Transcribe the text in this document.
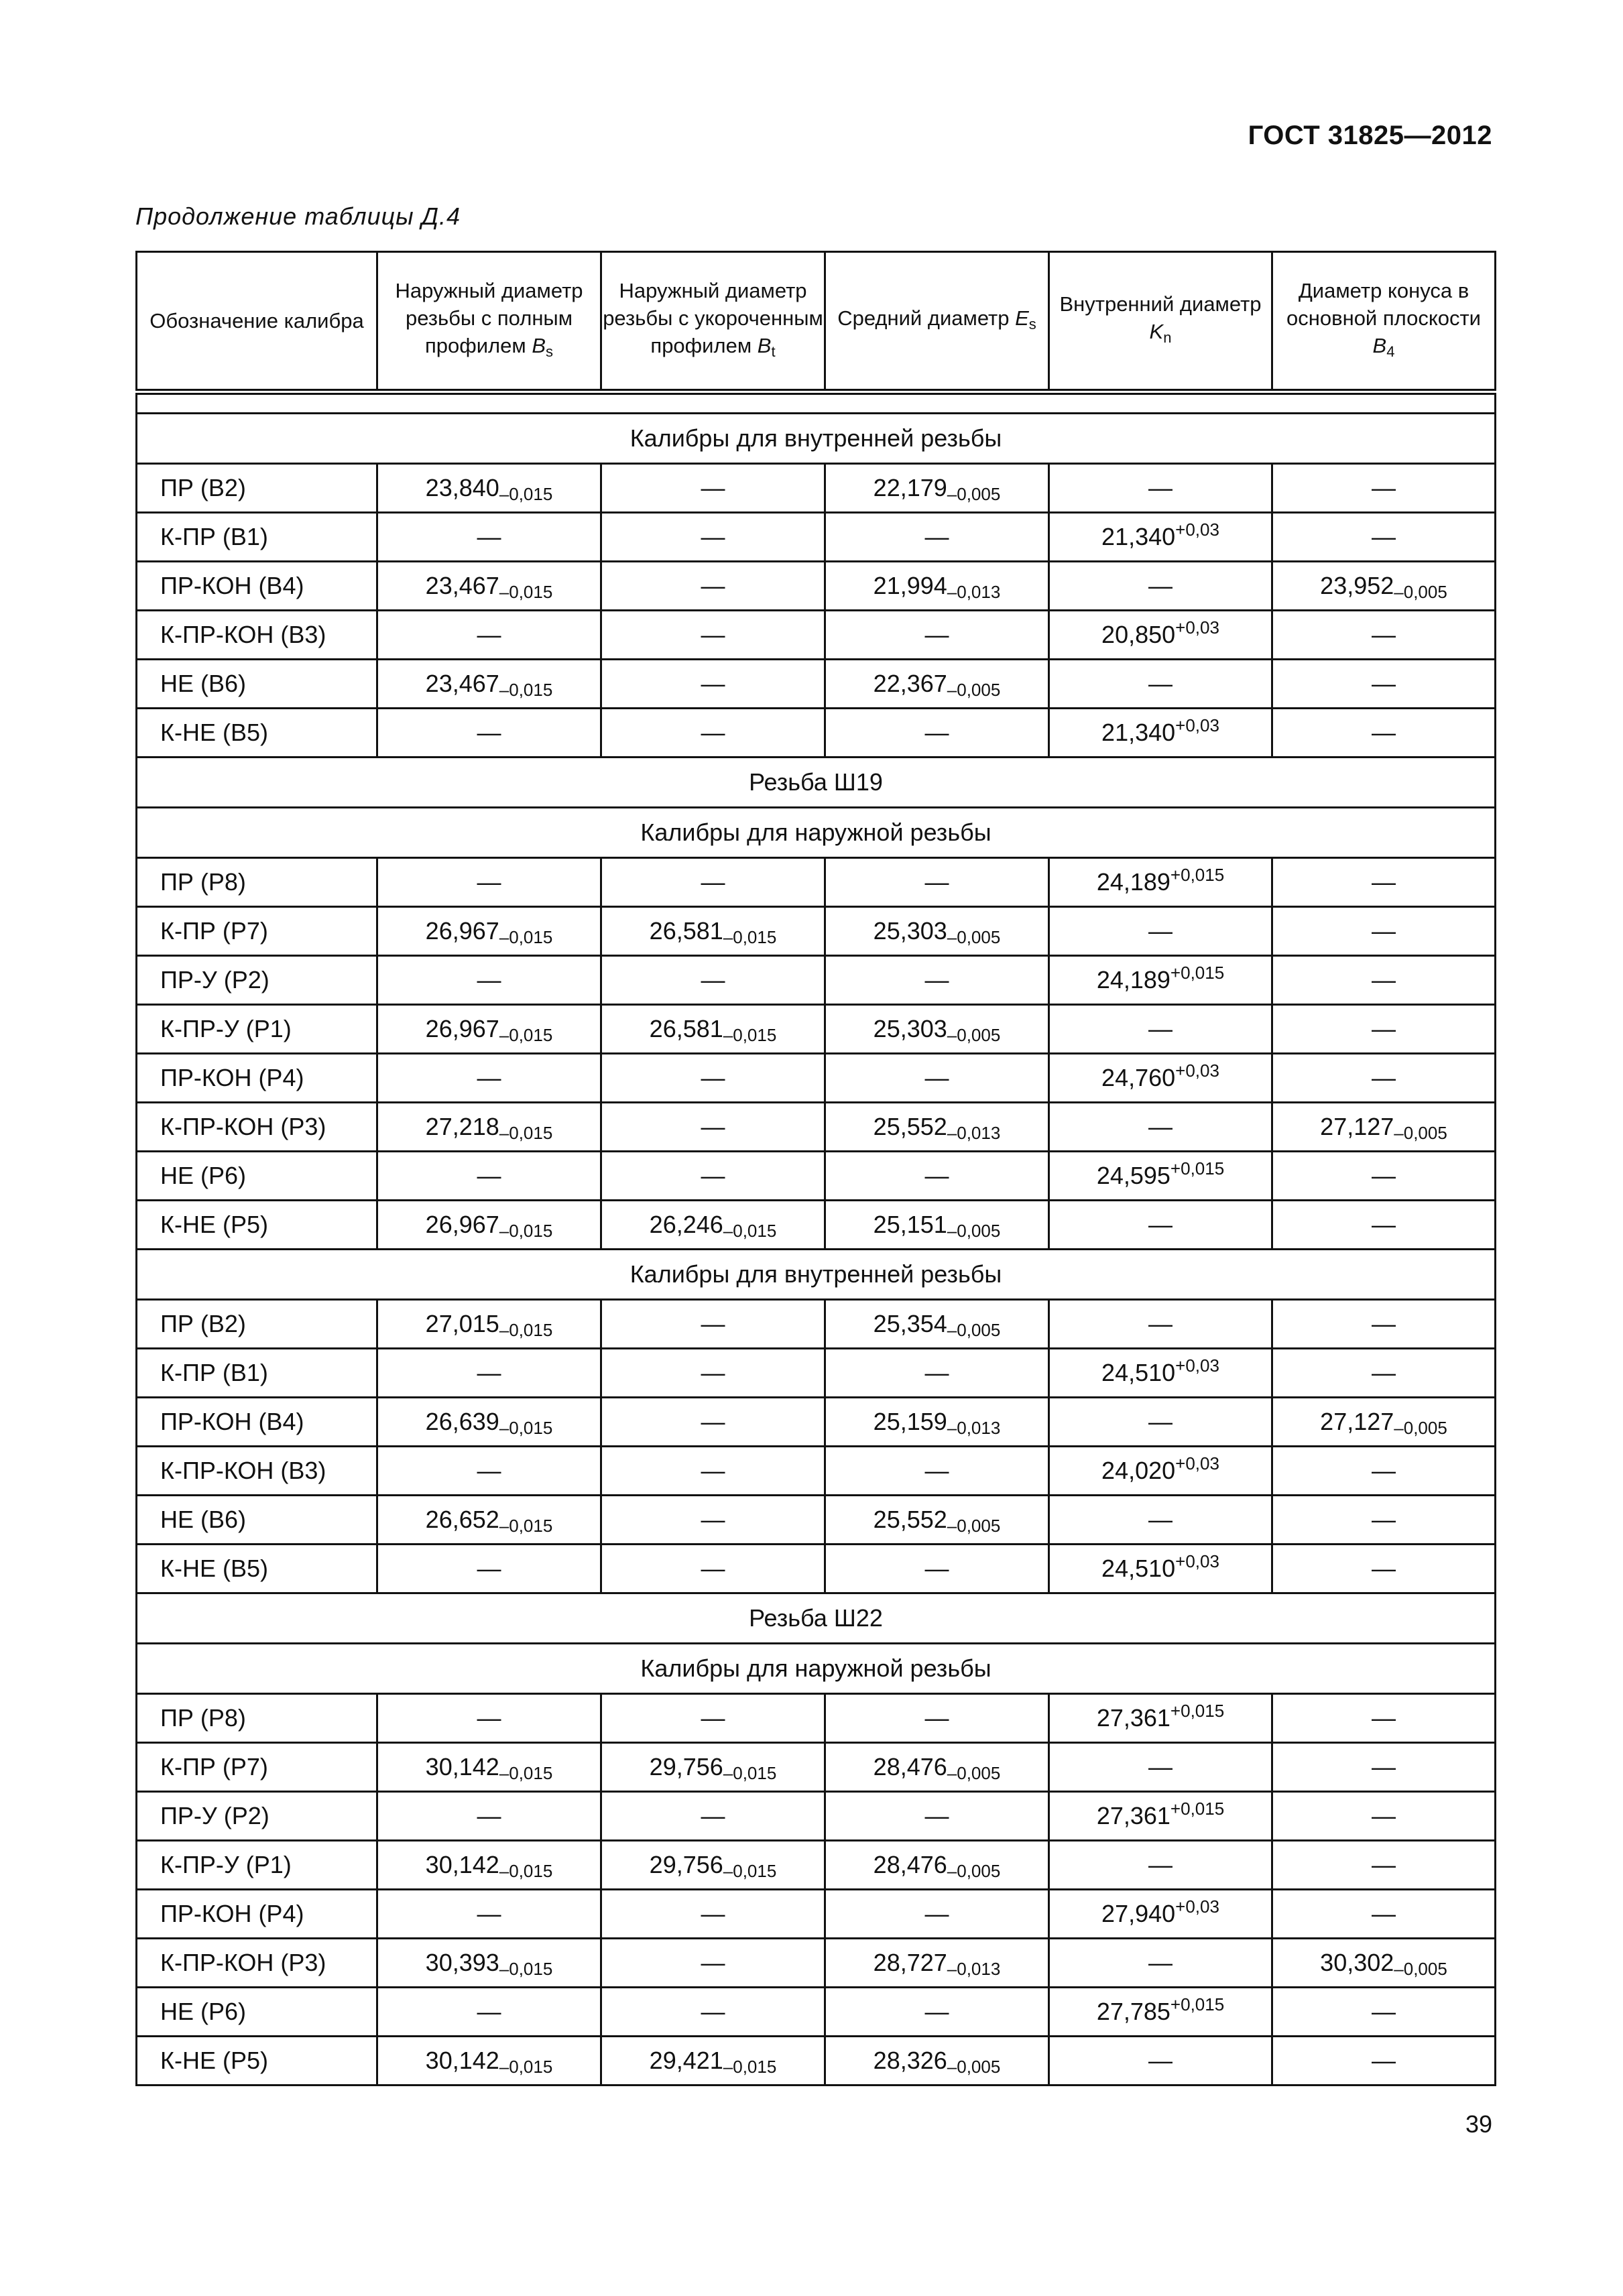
ГОСТ 31825—2012
Продолжение таблицы Д.4
Обозначение калибра	Наружный диаметр резьбы с полным профилем Bs	Наружный диаметр резьбы с укороченным профилем Bt	Средний диаметр Es	Внутренний диаметр Kn	Диаметр конуса в основной плоскости B4

Калибры для внутренней резьбы					
ПР (В2)	$23,840_{-0,015}$	—	$22,179_{-0,005}$	—	—
К-ПР (В1)	—	—	—	$21,340^{+0,03}$	—
ПР-КОН (В4)	$23,467_{-0,015}$	—	$21,994_{-0,013}$	—	$23,952_{-0,005}$
К-ПР-КОН (В3)	—	—	—	$20,850^{+0,03}$	—
НЕ (В6)	$23,467_{-0,015}$	—	$22,367_{-0,005}$	—	—
К-НЕ (В5)	—	—	—	$21,340^{+0,03}$	—
Резьба Ш19					
Калибры для наружной резьбы					
ПР (Р8)	—	—	—	$24,189^{+0,015}$	—
К-ПР (Р7)	$26,967_{-0,015}$	$26,581_{-0,015}$	$25,303_{-0,005}$	—	—
ПР-У (Р2)	—	—	—	$24,189^{+0,015}$	—
К-ПР-У (Р1)	$26,967_{-0,015}$	$26,581_{-0,015}$	$25,303_{-0,005}$	—	—
ПР-КОН (Р4)	—	—	—	$24,760^{+0,03}$	—
К-ПР-КОН (Р3)	$27,218_{-0,015}$	—	$25,552_{-0,013}$	—	$27,127_{-0,005}$
НЕ (Р6)	—	—	—	$24,595^{+0,015}$	—
К-НЕ (Р5)	$26,967_{-0,015}$	$26,246_{-0,015}$	$25,151_{-0,005}$	—	—
Калибры для внутренней резьбы					
ПР (В2)	$27,015_{-0,015}$	—	$25,354_{-0,005}$	—	—
К-ПР (В1)	—	—	—	$24,510^{+0,03}$	—
ПР-КОН (В4)	$26,639_{-0,015}$	—	$25,159_{-0,013}$	—	$27,127_{-0,005}$
К-ПР-КОН (В3)	—	—	—	$24,020^{+0,03}$	—
НЕ (В6)	$26,652_{-0,015}$	—	$25,552_{-0,005}$	—	—
К-НЕ (В5)	—	—	—	$24,510^{+0,03}$	—
Резьба Ш22					
Калибры для наружной резьбы					
ПР (Р8)	—	—	—	$27,361^{+0,015}$	—
К-ПР (Р7)	$30,142_{-0,015}$	$29,756_{-0,015}$	$28,476_{-0,005}$	—	—
ПР-У (Р2)	—	—	—	$27,361^{+0,015}$	—
К-ПР-У (Р1)	$30,142_{-0,015}$	$29,756_{-0,015}$	$28,476_{-0,005}$	—	—
ПР-КОН (Р4)	—	—	—	$27,940^{+0,03}$	—
К-ПР-КОН (Р3)	$30,393_{-0,015}$	—	$28,727_{-0,013}$	—	$30,302_{-0,005}$
НЕ (Р6)	—	—	—	$27,785^{+0,015}$	—
К-НЕ (Р5)	$30,142_{-0,015}$	$29,421_{-0,015}$	$28,326_{-0,005}$	—	—
39
